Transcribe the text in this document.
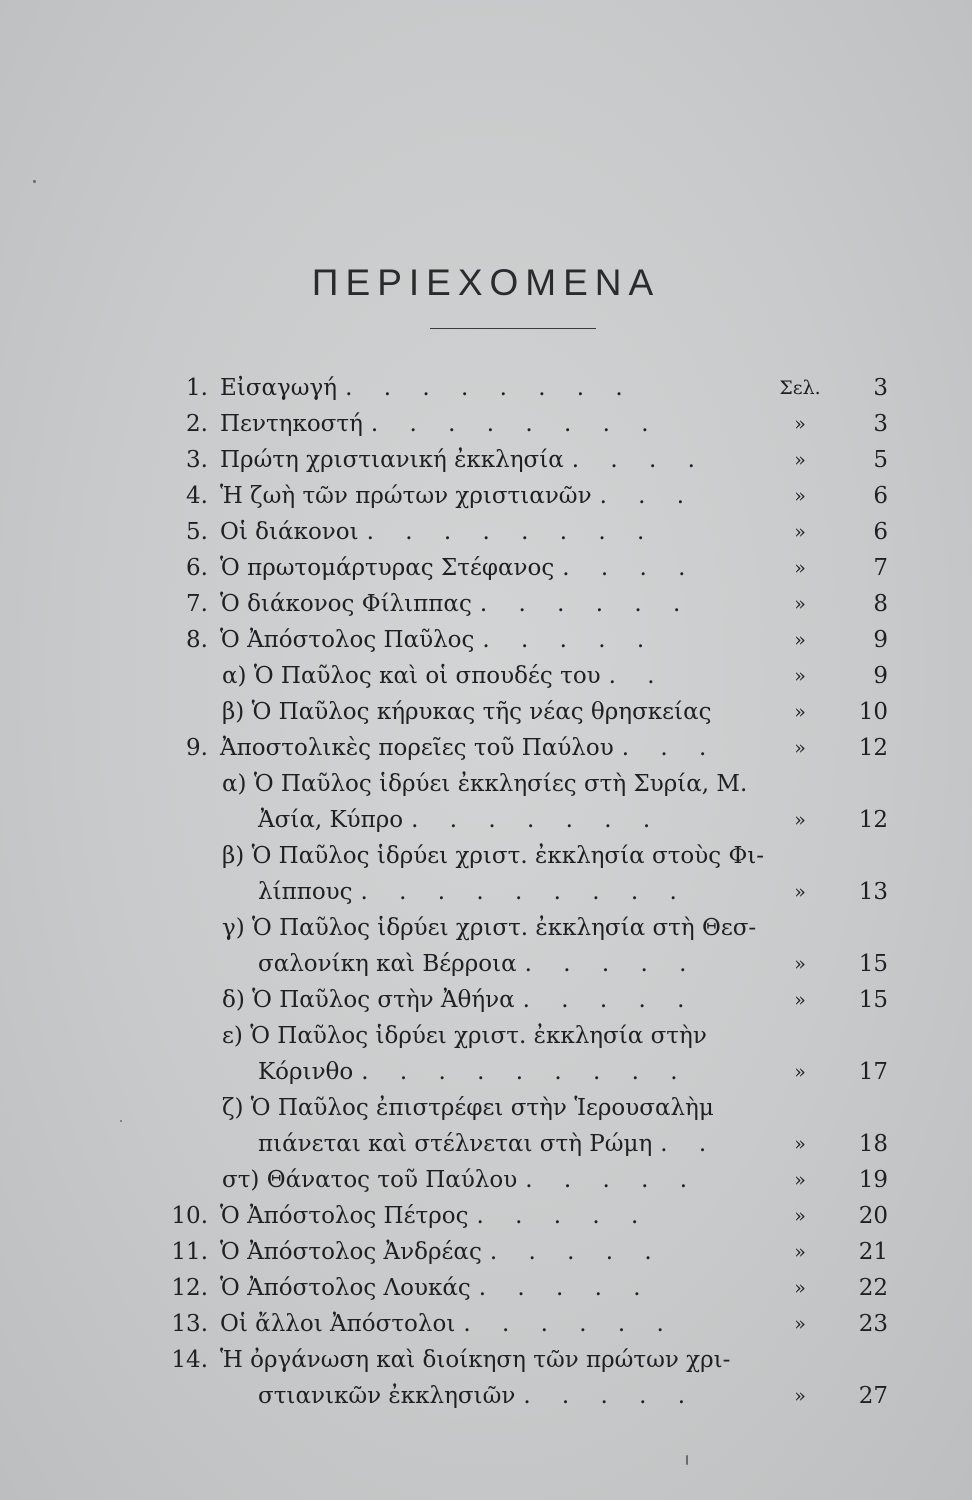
ΠΕΡΙΕΧΟΜΕΝΑ
1. Εἰσαγωγή . . . . . . . .	Σελ.	3
2. Πεντηκοστή . . . . . . . .	»	3
3. Πρώτη χριστιανική ἐκκλησία . . . .	»	5
4. Ἡ ζωὴ τῶν πρώτων χριστιανῶν . . .	»	6
5. Οἱ διάκονοι . . . . . . . .	»	6
6. Ὁ πρωτομάρτυρας Στέφανος . . . .	»	7
7. Ὁ διάκονος Φίλιππας . . . . . .	»	8
8. Ὁ Ἀπόστολος Παῦλος . . . . .	»	9
α) Ὁ Παῦλος καὶ οἱ σπουδές του . .	»	9
β) Ὁ Παῦλος κήρυκας τῆς νέας θρησκείας	»	10
9. Ἀποστολικὲς πορεῖες τοῦ Παύλου . . .	»	12
α) Ὁ Παῦλος ἱδρύει ἐκκλησίες στὴ Συρία, Μ.
Ἀσία, Κύπρο . . . . . . .	»	12
β) Ὁ Παῦλος ἱδρύει χριστ. ἐκκλησία στοὺς Φι-
λίππους . . . . . . . . .	»	13
γ) Ὁ Παῦλος ἱδρύει χριστ. ἐκκλησία στὴ Θεσ-
σαλονίκη καὶ Βέρροια . . . . .	»	15
δ) Ὁ Παῦλος στὴν Ἀθήνα . . . . .	»	15
ε) Ὁ Παῦλος ἱδρύει χριστ. ἐκκλησία στὴν
Κόρινθο . . . . . . . . .	»	17
ζ) Ὁ Παῦλος ἐπιστρέφει στὴν Ἱερουσαλὴμ
πιάνεται καὶ στέλνεται στὴ Ρώμη . .	»	18
στ) Θάνατος τοῦ Παύλου . . . . .	»	19
10. Ὁ Ἀπόστολος Πέτρος . . . . .	»	20
11. Ὁ Ἀπόστολος Ἀνδρέας . . . . .	»	21
12. Ὁ Ἀπόστολος Λουκάς . . . . .	»	22
13. Οἱ ἄλλοι Ἀπόστολοι . . . . . .	»	23
14. Ἡ ὀργάνωση καὶ διοίκηση τῶν πρώτων χρι-
στιανικῶν ἐκκλησιῶν . . . . .	»	27
